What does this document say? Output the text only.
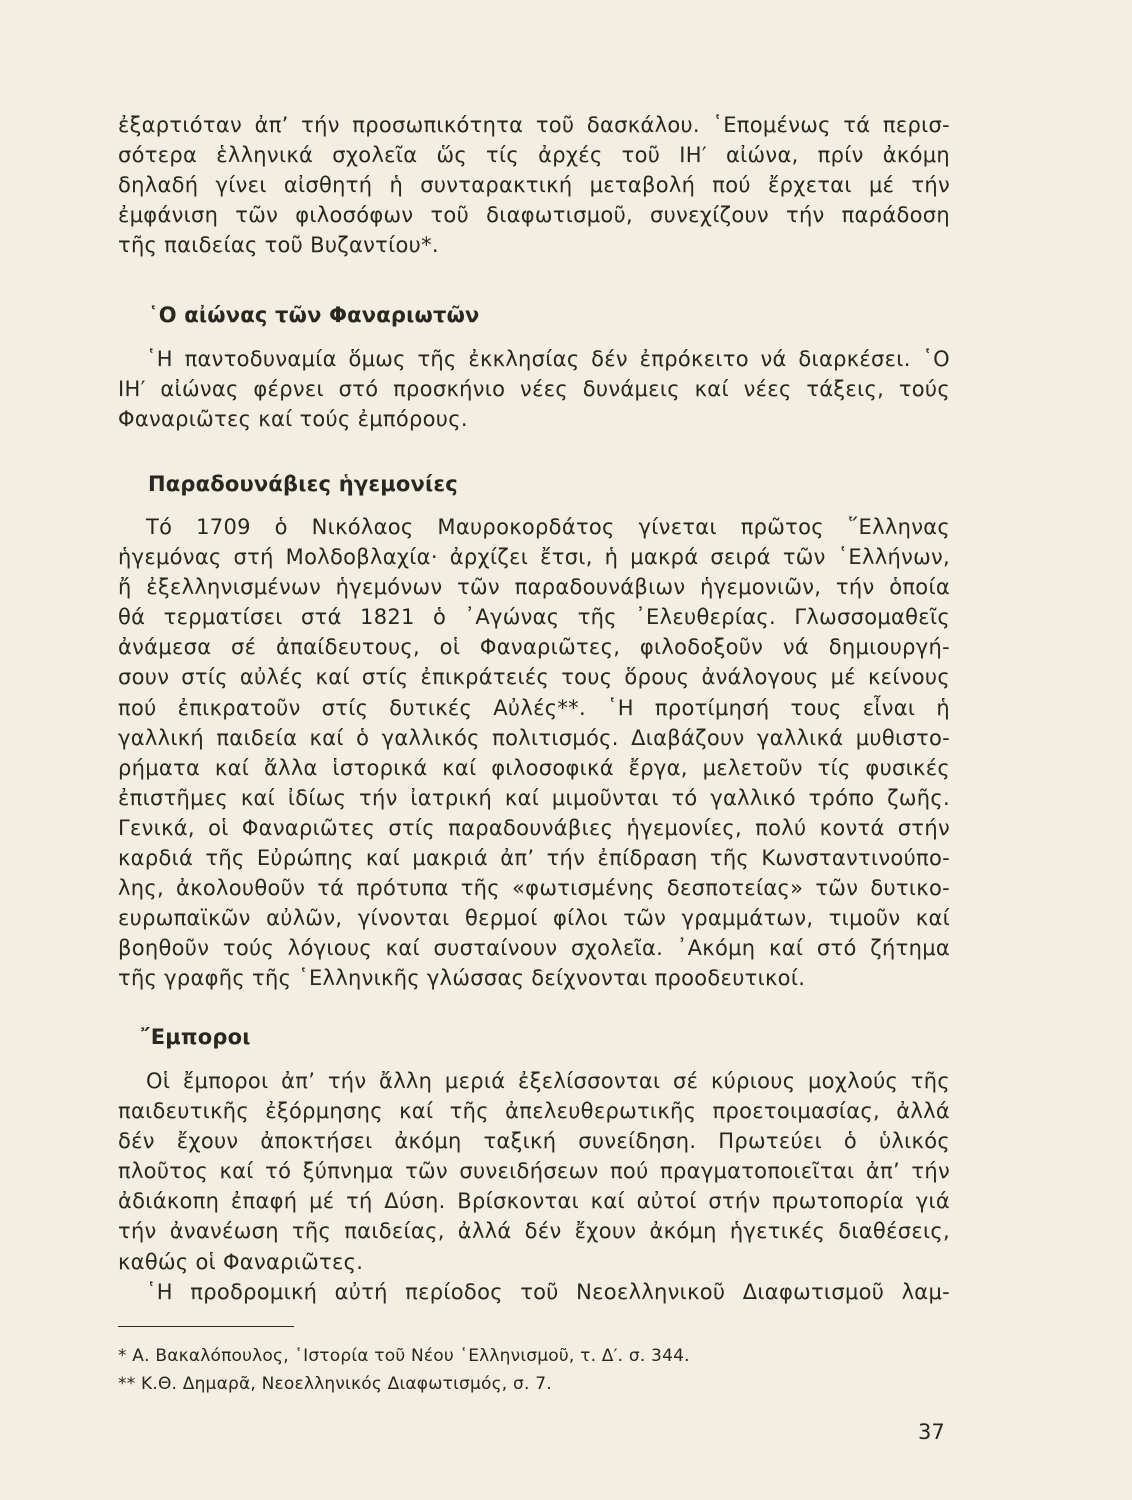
ἐξαρτιόταν ἀπ’ τήν προσωπικότητα τοῦ δασκάλου. ῾Επομένως τά περισ-
σότερα ἑλληνικά σχολεῖα ὥς τίς ἀρχές τοῦ ΙΗ′ αἰώνα, πρίν ἀκόμη
δηλαδή γίνει αἰσθητή ἡ συνταρακτική μεταβολή πού ἔρχεται μέ τήν
ἐμφάνιση τῶν φιλοσόφων τοῦ διαφωτισμοῦ, συνεχίζουν τήν παράδοση
τῆς παιδείας τοῦ Βυζαντίου*.
῾Ο αἰώνας τῶν Φαναριωτῶν
῾Η παντοδυναμία ὅμως τῆς ἐκκλησίας δέν ἐπρόκειτο νά διαρκέσει. ῾Ο
ΙΗ′ αἰώνας φέρνει στό προσκήνιο νέες δυνάμεις καί νέες τάξεις, τούς
Φαναριῶτες καί τούς ἐμπόρους.
Παραδουνάβιες ἡγεμονίες
Τό 1709 ὁ Νικόλαος Μαυροκορδάτος γίνεται πρῶτος ῞Ελληνας
ἡγεμόνας στή Μολδοβλαχία· ἀρχίζει ἔτσι, ἡ μακρά σειρά τῶν ῾Ελλήνων,
ἤ ἐξελληνισμένων ἡγεμόνων τῶν παραδουνάβιων ἡγεμονιῶν, τήν ὁποία
θά τερματίσει στά 1821 ὁ ᾿Αγώνας τῆς ᾿Ελευθερίας. Γλωσσομαθεῖς
ἀνάμεσα σέ ἀπαίδευτους, οἱ Φαναριῶτες, φιλοδοξοῦν νά δημιουργή-
σουν στίς αὐλές καί στίς ἐπικράτειές τους ὅρους ἀνάλογους μέ κείνους
πού ἐπικρατοῦν στίς δυτικές Αὐλές**. ῾Η προτίμησή τους εἶναι ἡ
γαλλική παιδεία καί ὁ γαλλικός πολιτισμός. Διαβάζουν γαλλικά μυθιστο-
ρήματα καί ἄλλα ἱστορικά καί φιλοσοφικά ἔργα, μελετοῦν τίς φυσικές
ἐπιστῆμες καί ἰδίως τήν ἰατρική καί μιμοῦνται τό γαλλικό τρόπο ζωῆς.
Γενικά, οἱ Φαναριῶτες στίς παραδουνάβιες ἡγεμονίες, πολύ κοντά στήν
καρδιά τῆς Εὐρώπης καί μακριά ἀπ’ τήν ἐπίδραση τῆς Κωνσταντινούπο-
λης, ἀκολουθοῦν τά πρότυπα τῆς «φωτισμένης δεσποτείας» τῶν δυτικο-
ευρωπαϊκῶν αὐλῶν, γίνονται θερμοί φίλοι τῶν γραμμάτων, τιμοῦν καί
βοηθοῦν τούς λόγιους καί συσταίνουν σχολεῖα. ᾿Ακόμη καί στό ζήτημα
τῆς γραφῆς τῆς ῾Ελληνικῆς γλώσσας δείχνονται προοδευτικοί.
῎Εμποροι
Οἱ ἔμποροι ἀπ’ τήν ἄλλη μεριά ἐξελίσσονται σέ κύριους μοχλούς τῆς
παιδευτικῆς ἐξόρμησης καί τῆς ἀπελευθερωτικῆς προετοιμασίας, ἀλλά
δέν ἔχουν ἀποκτήσει ἀκόμη ταξική συνείδηση. Πρωτεύει ὁ ὑλικός
πλοῦτος καί τό ξύπνημα τῶν συνειδήσεων πού πραγματοποιεῖται ἀπ’ τήν
ἀδιάκοπη ἐπαφή μέ τή Δύση. Βρίσκονται καί αὐτοί στήν πρωτοπορία γιά
τήν ἀνανέωση τῆς παιδείας, ἀλλά δέν ἔχουν ἀκόμη ἡγετικές διαθέσεις,
καθώς οἱ Φαναριῶτες.
῾Η προδρομική αὐτή περίοδος τοῦ Νεοελληνικοῦ Διαφωτισμοῦ λαμ-
* Α. Βακαλόπουλος, ῾Ιστορία τοῦ Νέου ῾Ελληνισμοῦ, τ. Δ′. σ. 344.
** Κ.Θ. Δημαρᾶ, Νεοελληνικός Διαφωτισμός, σ. 7.
37
